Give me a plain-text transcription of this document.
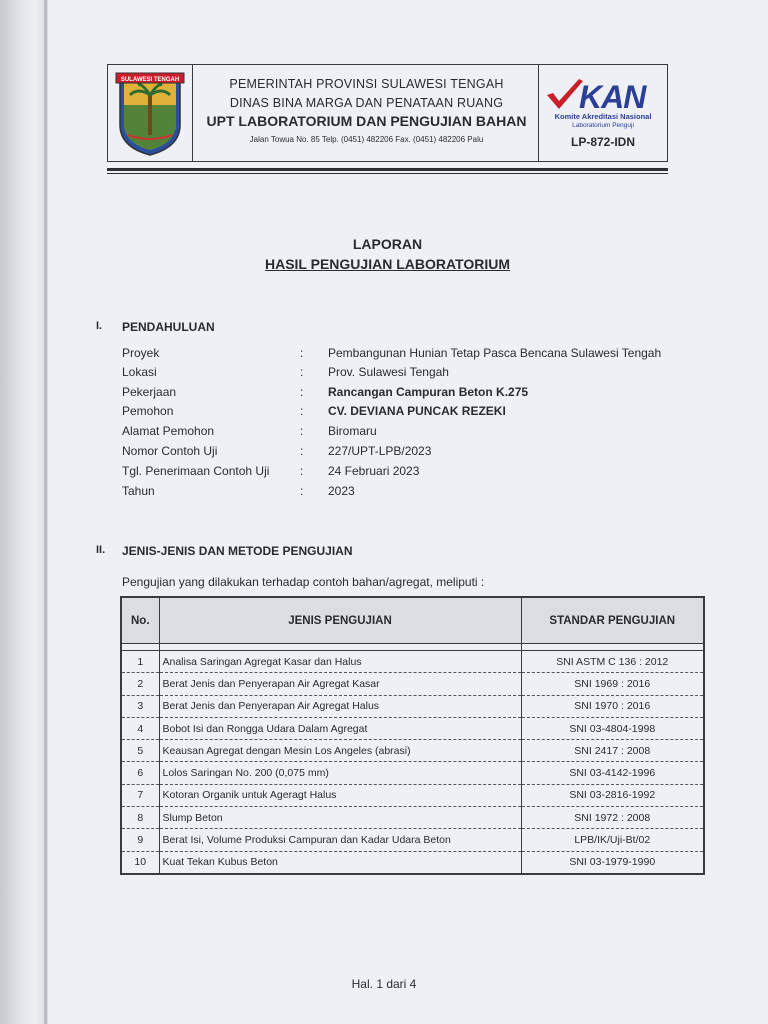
SULAWESI TENGAH	PEMERINTAH PROVINSI SULAWESI TENGAH
DINAS BINA MARGA DAN PENATAAN RUANG
UPT LABORATORIUM DAN PENGUJIAN BAHAN
Jalan Towua No. 85 Telp. (0451) 482206 Fax. (0451) 482206 Palu
KAN
Komite Akreditasi Nasional
Laboratorium Penguji
LP-872-IDN
LAPORAN
HASIL PENGUJIAN LABORATORIUM
I. PENDAHULUAN
Proyek	: Pembangunan Hunian Tetap Pasca Bencana Sulawesi Tengah
Lokasi	: Prov. Sulawesi Tengah
Pekerjaan	: Rancangan Campuran Beton K.275
Pemohon	: CV. DEVIANA PUNCAK REZEKI
Alamat Pemohon	: Biromaru
Nomor Contoh Uji	: 227/UPT-LPB/2023
Tgl. Penerimaan Contoh Uji	: 24 Februari 2023
Tahun	: 2023
II. JENIS-JENIS DAN METODE PENGUJIAN
Pengujian yang dilakukan terhadap contoh bahan/agregat, meliputi :
No.	JENIS PENGUJIAN	STANDAR PENGUJIAN

1	Analisa Saringan Agregat Kasar dan Halus	SNI ASTM C 136 : 2012
2	Berat Jenis dan Penyerapan Air Agregat Kasar	SNI 1969 : 2016
3	Berat Jenis dan Penyerapan Air Agregat Halus	SNI 1970 : 2016
4	Bobot Isi dan Rongga Udara Dalam Agregat	SNI 03-4804-1998
5	Keausan Agregat dengan Mesin Los Angeles (abrasi)	SNI 2417 : 2008
6	Lolos Saringan No. 200 (0,075 mm)	SNI 03-4142-1996
7	Kotoran Organik untuk Ageragt Halus	SNI 03-2816-1992
8	Slump Beton	SNI 1972 : 2008
9	Berat Isi, Volume Produksi Campuran dan Kadar Udara Beton	LPB/IK/Uji-Bt/02
10	Kuat Tekan Kubus Beton	SNI 03-1979-1990
Hal. 1 dari 4
